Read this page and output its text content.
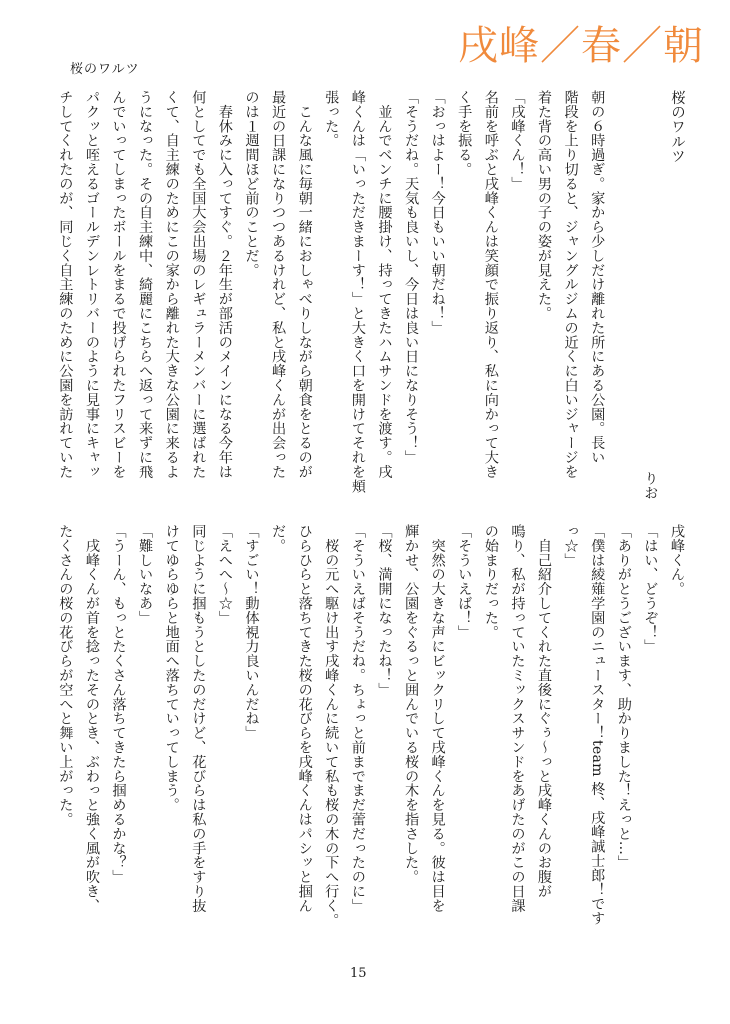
戌峰／春／朝
桜のワルツ
桜のワルツ
りお
朝の６時過ぎ。家から少しだけ離れた所にある公園。長い
階段を上り切ると、ジャングルジムの近くに白いジャージを
着た背の高い男の子の姿が見えた。
「戌峰くん！」
名前を呼ぶと戌峰くんは笑顔で振り返り、私に向かって大き
く手を振る。
「おっはよー！今日もいい朝だね！」
「そうだね。天気も良いし、今日は良い日になりそう！」
　並んでベンチに腰掛け、持ってきたハムサンドを渡す。戌
峰くんは「いっただきまーす！」と大きく口を開けてそれを頬
張った。
　こんな風に毎朝一緒におしゃべりしながら朝食をとるのが
最近の日課になりつつあるけれど、私と戌峰くんが出会った
のは１週間ほど前のことだ。
　春休みに入ってすぐ。２年生が部活のメインになる今年は
何としてでも全国大会出場のレギュラーメンバーに選ばれた
くて、自主練のためにこの家から離れた大きな公園に来るよ
うになった。その自主練中、綺麗にこちらへ返って来ずに飛
んでいってしまったボールをまるで投げられたフリスビーを
パクッと咥えるゴールデンレトリバーのように見事にキャッ
チしてくれたのが、同じく自主練のために公園を訪れていた
戌峰くん。
「はい、どうぞ！」
「ありがとうございます、助かりました！えっと…」
「僕は綾薙学園のニュースター！team 柊、戌峰誠士郎！です
っ☆」
　自己紹介してくれた直後にぐぅ〜っと戌峰くんのお腹が
鳴り、私が持っていたミックスサンドをあげたのがこの日課
の始まりだった。
「そういえば！」
　突然の大きな声にビックリして戌峰くんを見る。彼は目を
輝かせ、公園をぐるっと囲んでいる桜の木を指さした。
「桜、満開になったね！」
「そういえばそうだね。ちょっと前までまだ蕾だったのに」
　桜の元へ駆け出す戌峰くんに続いて私も桜の木の下へ行く。
ひらひらと落ちてきた桜の花びらを戌峰くんはパシッと掴ん
だ。
「すごい！動体視力良いんだね」
「えへへ〜☆」
同じように掴もうとしたのだけど、花びらは私の手をすり抜
けてゆらゆらと地面へ落ちていってしまう。
「難しいなあ」
「うーん、もっとたくさん落ちてきたら掴めるかな？」
　戌峰くんが首を捻ったそのとき、ぶわっと強く風が吹き、
たくさんの桜の花びらが空へと舞い上がった。
15
